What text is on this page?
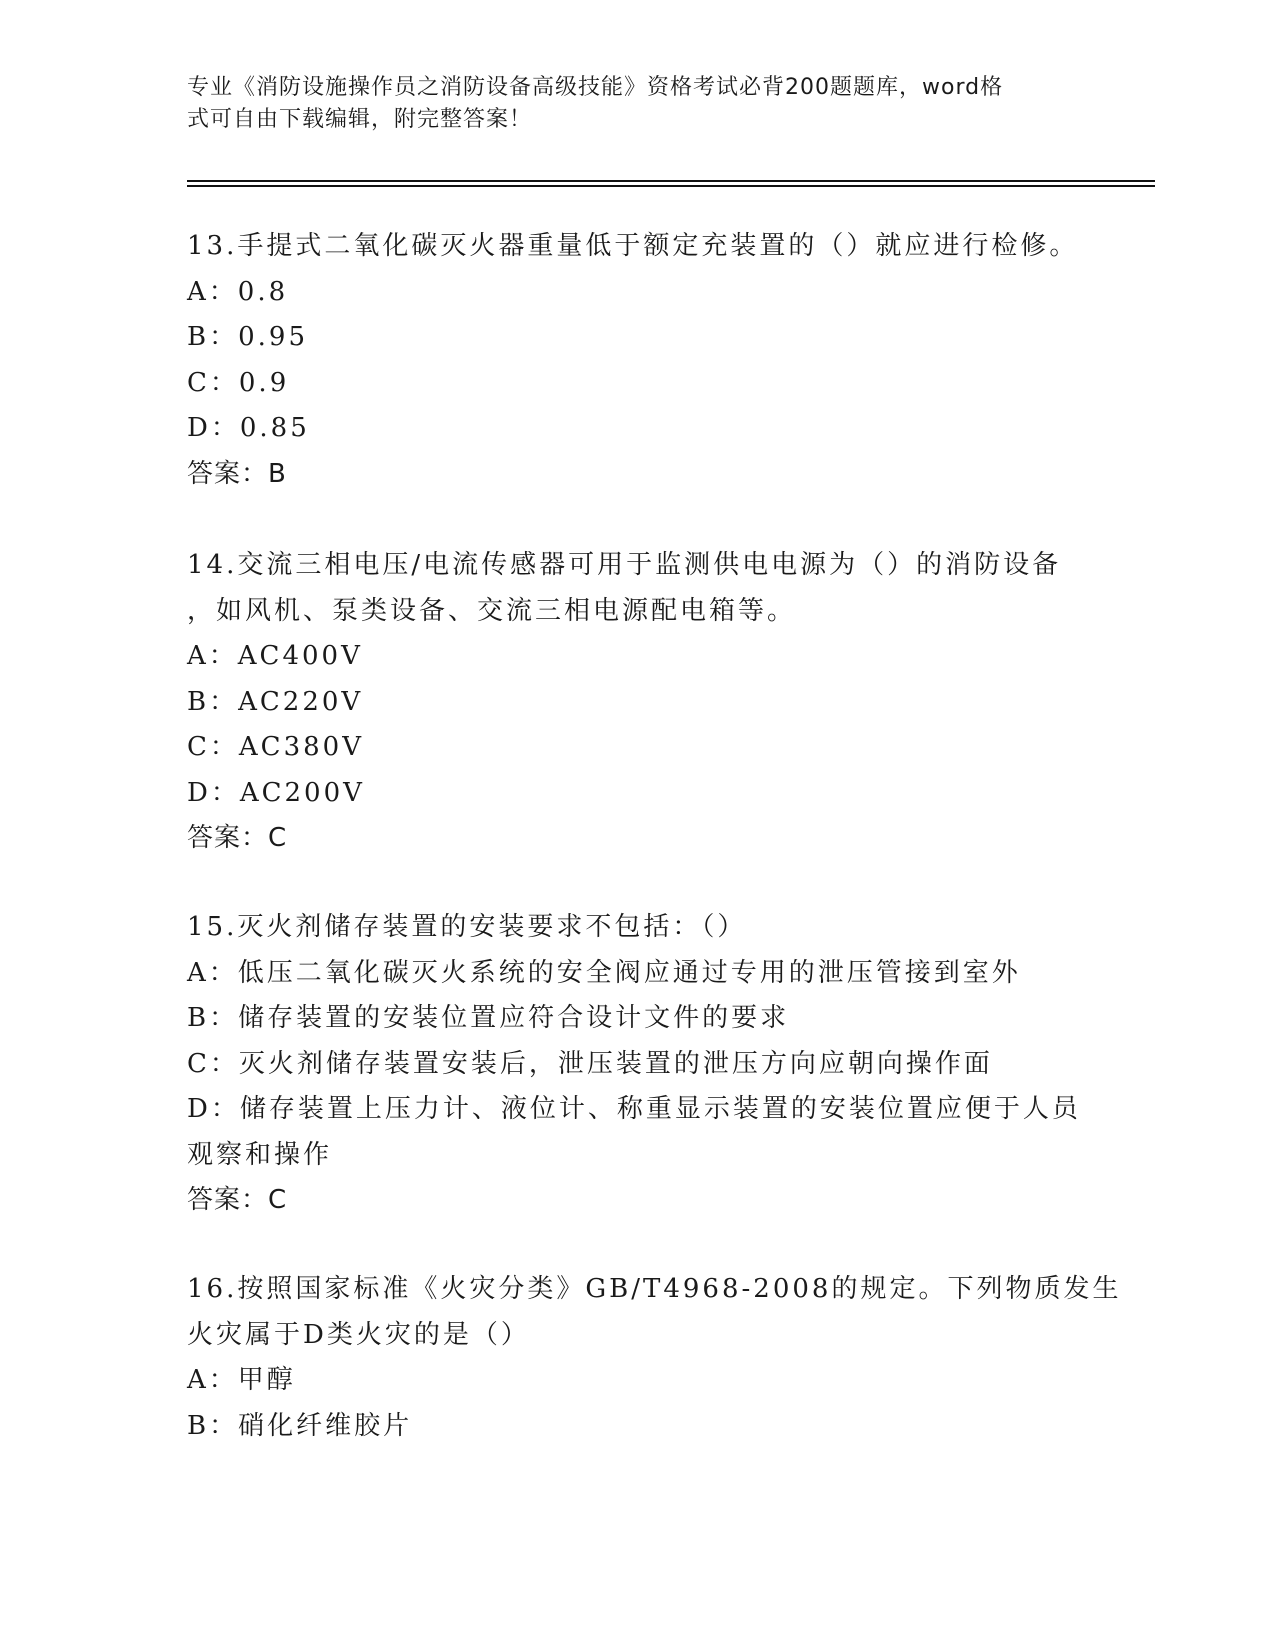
专业《消防设施操作员之消防设备高级技能》资格考试必背200题题库，word格
式可自由下载编辑，附完整答案！
13.手提式二氧化碳灭火器重量低于额定充装置的（）就应进行检修。
A：0.8
B：0.95
C：0.9
D：0.85
答案：B
14.交流三相电压/电流传感器可用于监测供电电源为（）的消防设备
，如风机、泵类设备、交流三相电源配电箱等。
A：AC400V
B：AC220V
C：AC380V
D：AC200V
答案：C
15.灭火剂储存装置的安装要求不包括：（）
A：低压二氧化碳灭火系统的安全阀应通过专用的泄压管接到室外
B：储存装置的安装位置应符合设计文件的要求
C：灭火剂储存装置安装后，泄压装置的泄压方向应朝向操作面
D：储存装置上压力计、液位计、称重显示装置的安装位置应便于人员
观察和操作
答案：C
16.按照国家标准《火灾分类》GB/T4968-2008的规定。下列物质发生
火灾属于D类火灾的是（）
A：甲醇
B：硝化纤维胶片
